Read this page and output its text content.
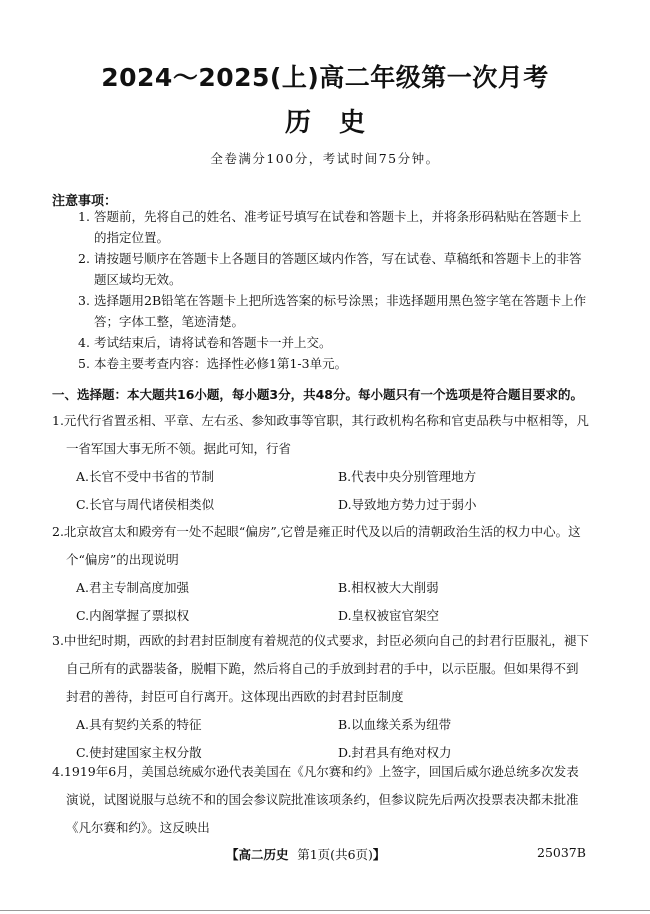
2024～2025(上)高二年级第一次月考
历史
全卷满分100分，考试时间75分钟。
注意事项：
1. 答题前，先将自己的姓名、准考证号填写在试卷和答题卡上，并将条形码粘贴在答题卡上的指定位置。
2. 请按题号顺序在答题卡上各题目的答题区域内作答，写在试卷、草稿纸和答题卡上的非答题区域均无效。
3. 选择题用2B铅笔在答题卡上把所选答案的标号涂黑；非选择题用黑色签字笔在答题卡上作答；字体工整，笔迹清楚。
4. 考试结束后，请将试卷和答题卡一并上交。
5. 本卷主要考查内容：选择性必修1第1-3单元。
一、选择题：本大题共16小题，每小题3分，共48分。每小题只有一个选项是符合题目要求的。
1.元代行省置丞相、平章、左右丞、参知政事等官职，其行政机构名称和官吏品秩与中枢相等，凡一省军国大事无所不领。据此可知，行省
A.长官不受中书省的节制	B.代表中央分别管理地方
C.长官与周代诸侯相类似	D.导致地方势力过于弱小
2.北京故宫太和殿旁有一处不起眼“偏房”,它曾是雍正时代及以后的清朝政治生活的权力中心。这个“偏房”的出现说明
A.君主专制高度加强	B.相权被大大削弱
C.内阁掌握了票拟权	D.皇权被宦官架空
3.中世纪时期，西欧的封君封臣制度有着规范的仪式要求，封臣必须向自己的封君行臣服礼，褪下自己所有的武器装备，脱帽下跪，然后将自己的手放到封君的手中，以示臣服。但如果得不到封君的善待，封臣可自行离开。这体现出西欧的封君封臣制度
A.具有契约关系的特征	B.以血缘关系为纽带
C.使封建国家主权分散	D.封君具有绝对权力
4.1919年6月，美国总统威尔逊代表美国在《凡尔赛和约》上签字，回国后威尔逊总统多次发表演说，试图说服与总统不和的国会参议院批准该项条约，但参议院先后两次投票表决都未批准《凡尔赛和约》。这反映出
【高二历史 第1页(共6页)】	25037B
